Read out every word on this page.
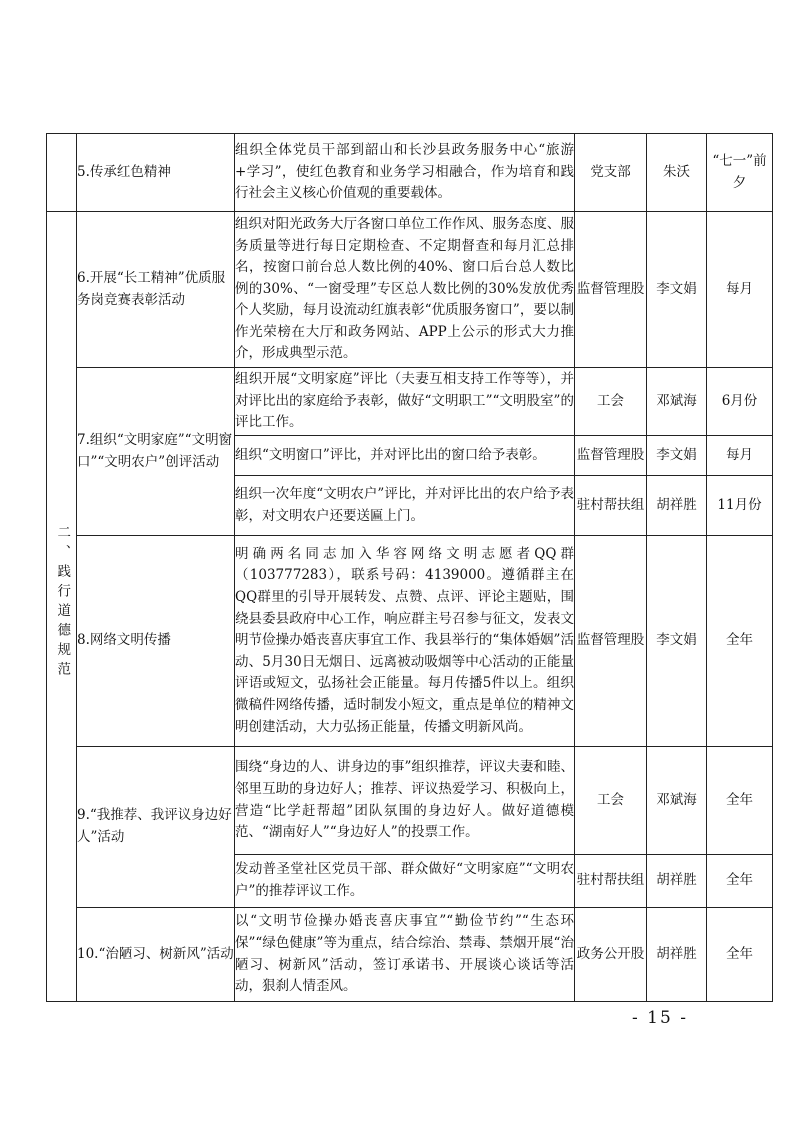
	5.传承红色精神	组织全体党员干部到韶山和长沙县政务服务中心“旅游+学习”，使红色教育和业务学习相融合，作为培育和践行社会主义核心价值观的重要载体。	党支部	朱沃	“七一”前夕
二、践行道德规范	6.开展“长工精神”优质服务岗竞赛表彰活动	组织对阳光政务大厅各窗口单位工作作风、服务态度、服务质量等进行每日定期检查、不定期督查和每月汇总排名，按窗口前台总人数比例的40%、窗口后台总人数比例的30%、“一窗受理”专区总人数比例的30%发放优秀个人奖励，每月设流动红旗表彰“优质服务窗口”，要以制作光荣榜在大厅和政务网站、APP上公示的形式大力推介，形成典型示范。	监督管理股	李文娟	每月
	7.组织“文明家庭”“文明窗口”“文明农户”创评活动	组织开展“文明家庭”评比（夫妻互相支持工作等等），并对评比出的家庭给予表彰，做好“文明职工”“文明股室”的评比工作。	工会	邓斌海	6月份
		组织“文明窗口”评比，并对评比出的窗口给予表彰。	监督管理股	李文娟	每月
		组织一次年度“文明农户”评比，并对评比出的农户给予表彰，对文明农户还要送匾上门。	驻村帮扶组	胡祥胜	11月份
	8.网络文明传播	明确两名同志加入华容网络文明志愿者QQ群（103777283），联系号码：4139000。遵循群主在QQ群里的引导开展转发、点赞、点评、评论主题贴，围绕县委县政府中心工作，响应群主号召参与征文，发表文明节俭操办婚丧喜庆事宜工作、我县举行的“集体婚姻”活动、5月30日无烟日、远离被动吸烟等中心活动的正能量评语或短文，弘扬社会正能量。每月传播5件以上。组织微稿件网络传播，适时制发小短文，重点是单位的精神文明创建活动，大力弘扬正能量，传播文明新风尚。	监督管理股	李文娟	全年
	9.“我推荐、我评议身边好人”活动	围绕“身边的人、讲身边的事”组织推荐，评议夫妻和睦、邻里互助的身边好人；推荐、评议热爱学习、积极向上，营造“比学赶帮超”团队氛围的身边好人。做好道德模范、“湖南好人”“身边好人”的投票工作。	工会	邓斌海	全年
		发动普圣堂社区党员干部、群众做好“文明家庭”“文明农户”的推荐评议工作。	驻村帮扶组	胡祥胜	全年
	10.“治陋习、树新风”活动	以“文明节俭操办婚丧喜庆事宜”“勤俭节约”“生态环保”“绿色健康”等为重点，结合综治、禁毒、禁烟开展“治陋习、树新风”活动，签订承诺书、开展谈心谈话等活动，狠刹人情歪风。	政务公开股	胡祥胜	全年
- 15 -
